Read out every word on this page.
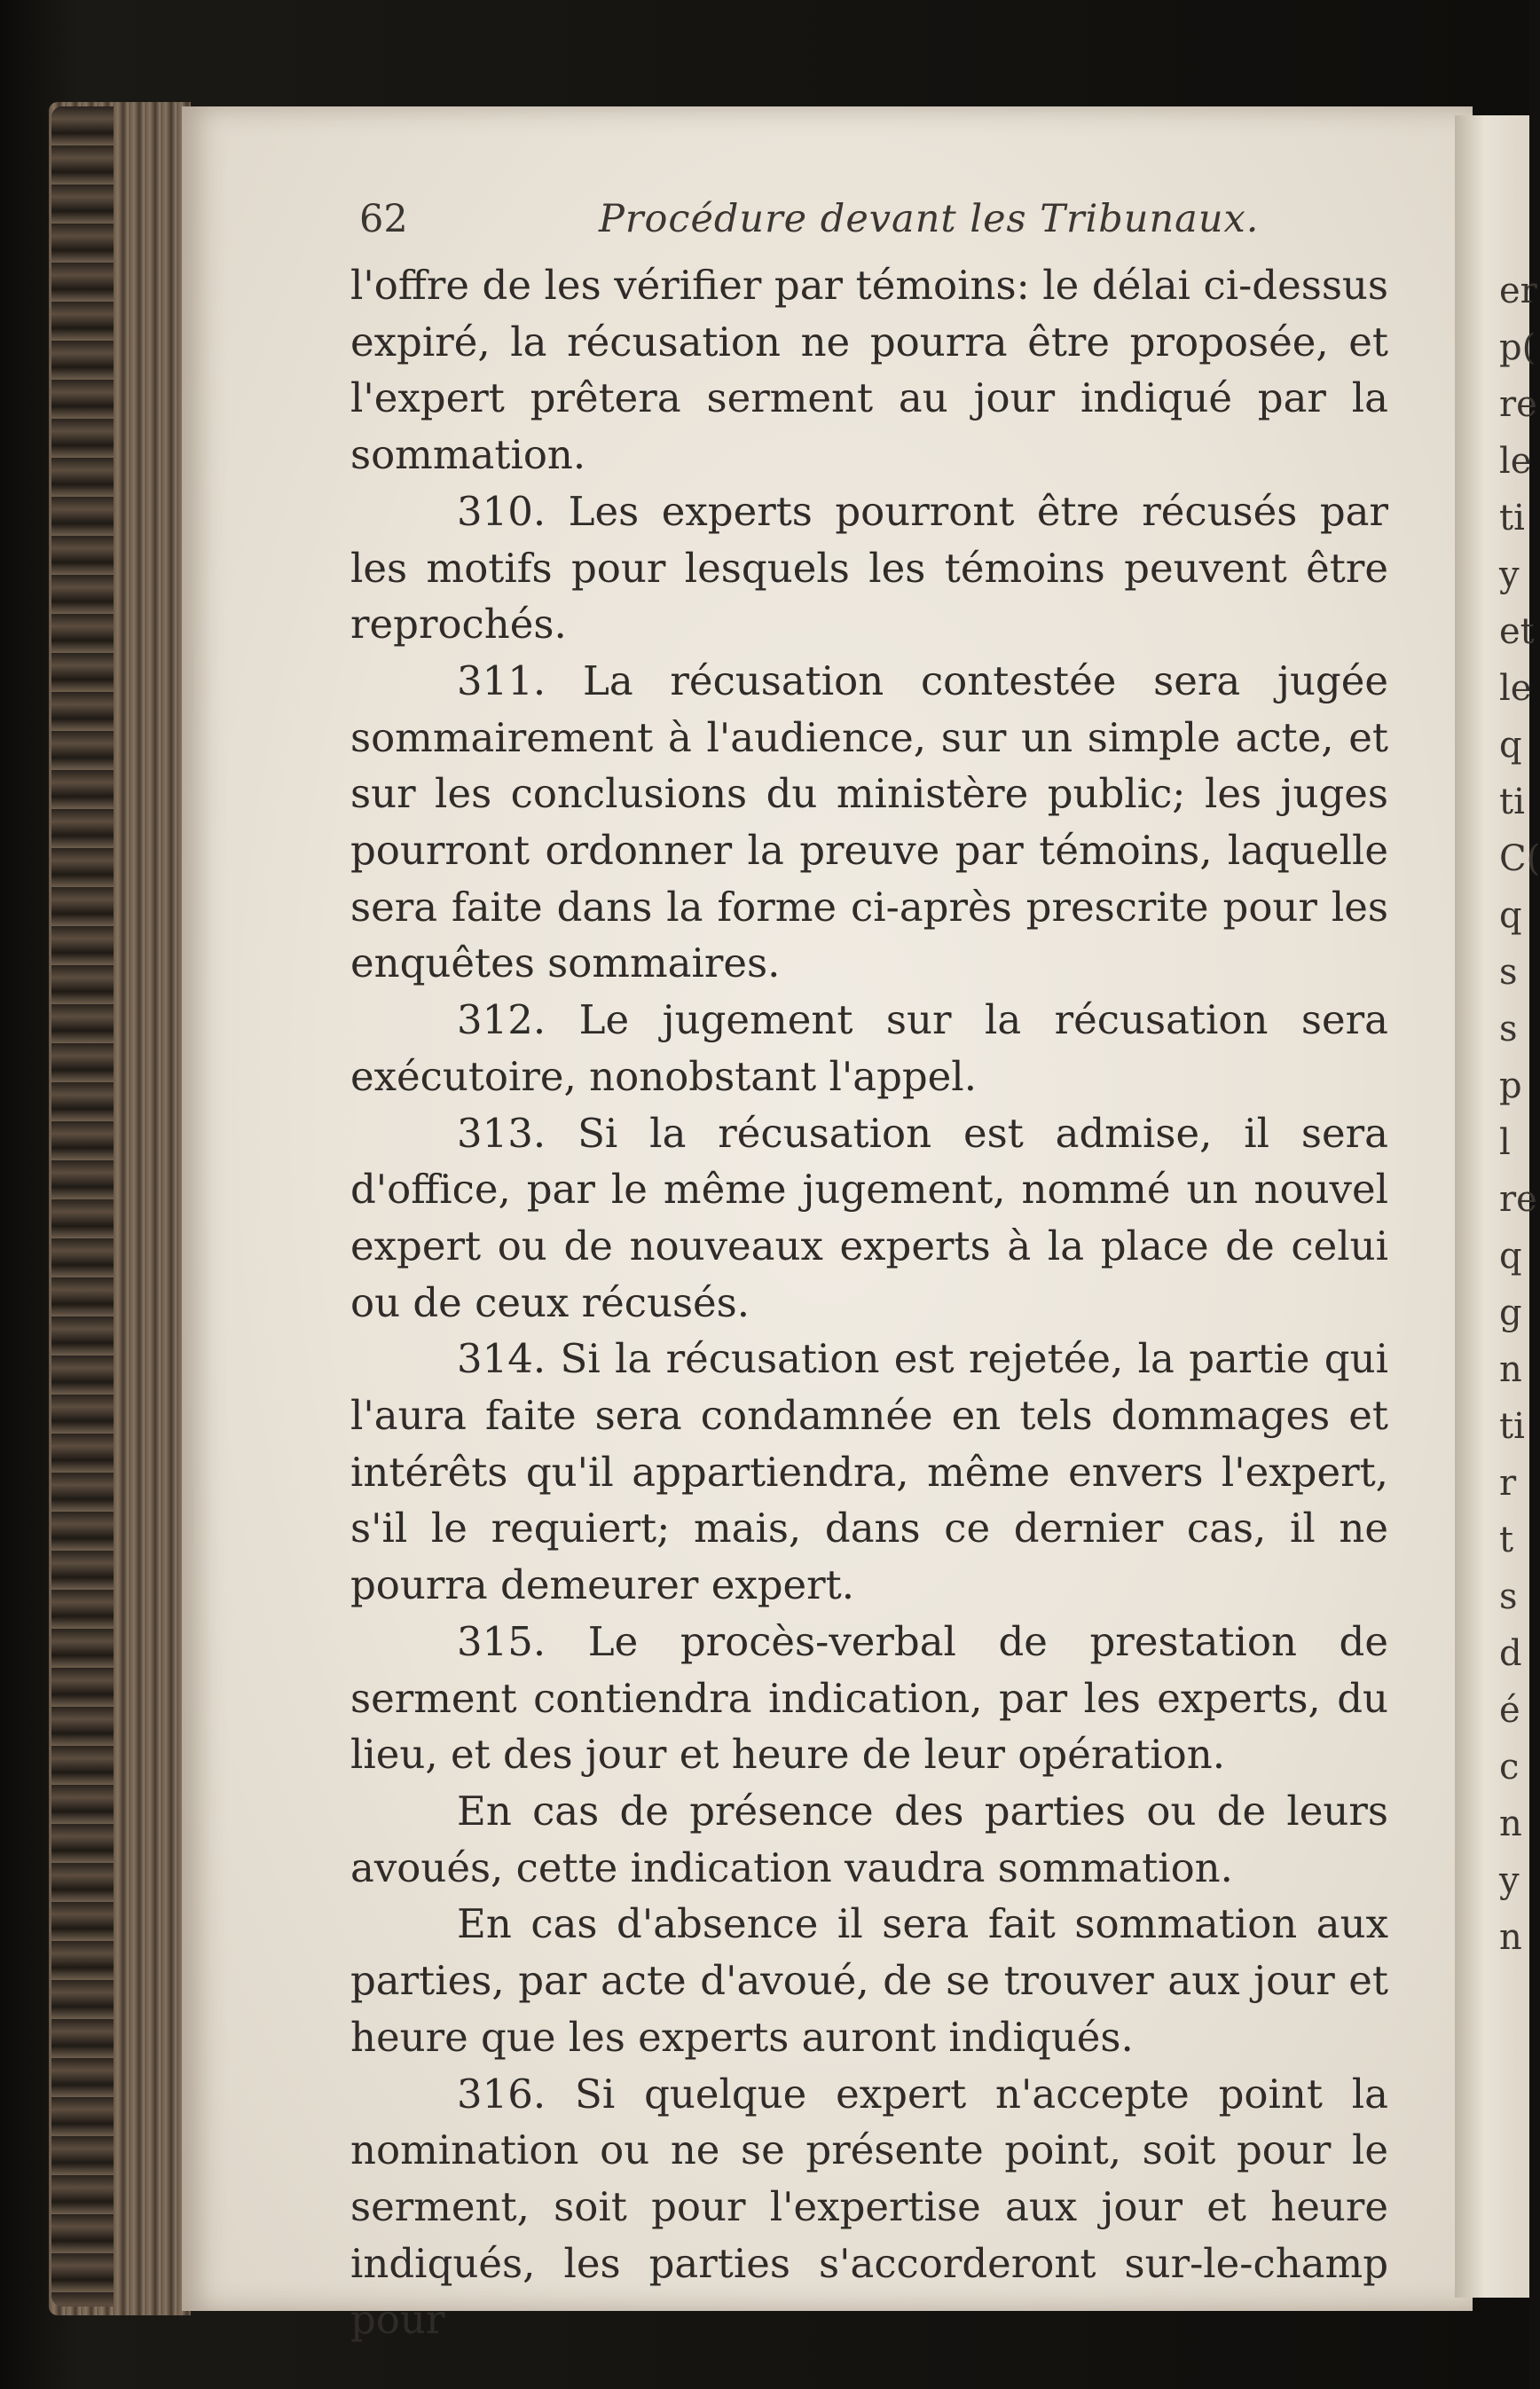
er
p(
re
le
ti
y
et
le
q
ti
C(
q
s
s
p
l
re
q
g
n
ti
r
t
s
d
é
c
n
y
n
62	Procédure devant les Tribunaux.

l'offre de les vérifier par témoins: le délai ci-dessus expiré, la récusation ne pourra être proposée, et l'expert prêtera serment au jour indiqué par la sommation.

310. Les experts pourront être récusés par les motifs pour lesquels les témoins peuvent être reprochés.

311. La récusation contestée sera jugée sommairement à l'audience, sur un simple acte, et sur les conclusions du ministère public; les juges pourront ordonner la preuve par témoins, laquelle sera faite dans la forme ci-après prescrite pour les enquêtes sommaires.

312. Le jugement sur la récusation sera exécutoire, nonobstant l'appel.

313. Si la récusation est admise, il sera d'office, par le même jugement, nommé un nouvel expert ou de nouveaux experts à la place de celui ou de ceux récusés.

314. Si la récusation est rejetée, la partie qui l'aura faite sera condamnée en tels dommages et intérêts qu'il appartiendra, même envers l'expert, s'il le requiert; mais, dans ce dernier cas, il ne pourra demeurer expert.

315. Le procès-verbal de prestation de serment contiendra indication, par les experts, du lieu, et des jour et heure de leur opération.

En cas de présence des parties ou de leurs avoués, cette indication vaudra sommation.

En cas d'absence il sera fait sommation aux parties, par acte d'avoué, de se trouver aux jour et heure que les experts auront indiqués.

316. Si quelque expert n'accepte point la nomination ou ne se présente point, soit pour le serment, soit pour l'expertise aux jour et heure indiqués, les parties s'accorderont sur-le-champ pour
